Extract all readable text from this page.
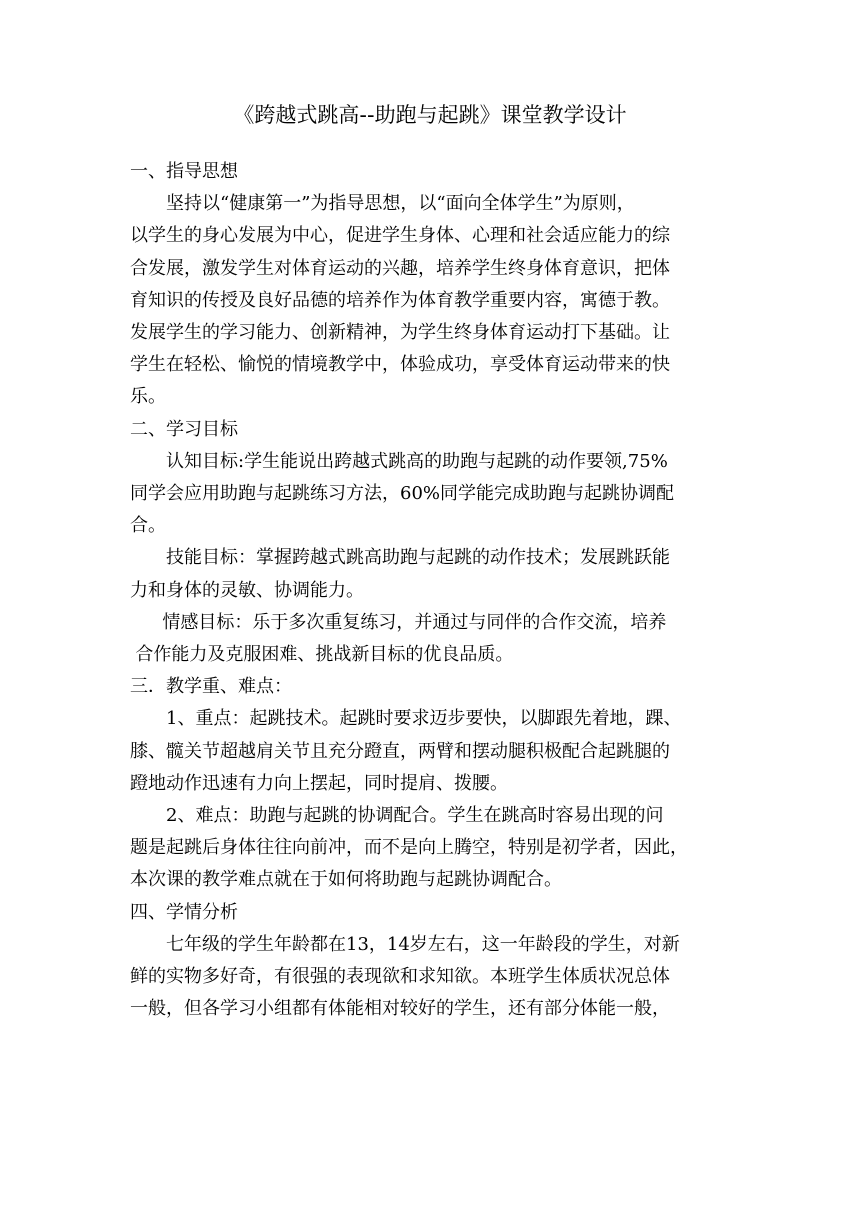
《跨越式跳高--助跑与起跳》课堂教学设计

一、指导思想

坚持以“健康第一”为指导思想，以“面向全体学生”为原则，
以学生的身心发展为中心，促进学生身体、心理和社会适应能力的综
合发展，激发学生对体育运动的兴趣，培养学生终身体育意识，把体
育知识的传授及良好品德的培养作为体育教学重要内容，寓德于教。
发展学生的学习能力、创新精神，为学生终身体育运动打下基础。让
学生在轻松、愉悦的情境教学中，体验成功，享受体育运动带来的快
乐。

二、学习目标

认知目标:学生能说出跨越式跳高的助跑与起跳的动作要领,75%
同学会应用助跑与起跳练习方法，60%同学能完成助跑与起跳协调配
合。
技能目标：掌握跨越式跳高助跑与起跳的动作技术；发展跳跃能
力和身体的灵敏、协调能力。
情感目标：乐于多次重复练习，并通过与同伴的合作交流，培养
合作能力及克服困难、挑战新目标的优良品质。

三．教学重、难点：

1、重点：起跳技术。起跳时要求迈步要快，以脚跟先着地，踝、
膝、髋关节超越肩关节且充分蹬直，两臂和摆动腿积极配合起跳腿的
蹬地动作迅速有力向上摆起，同时提肩、拨腰。
2、难点：助跑与起跳的协调配合。学生在跳高时容易出现的问
题是起跳后身体往往向前冲，而不是向上腾空，特别是初学者，因此，
本次课的教学难点就在于如何将助跑与起跳协调配合。

四、学情分析

七年级的学生年龄都在13，14岁左右，这一年龄段的学生，对新
鲜的实物多好奇，有很强的表现欲和求知欲。本班学生体质状况总体
一般，但各学习小组都有体能相对较好的学生，还有部分体能一般，
